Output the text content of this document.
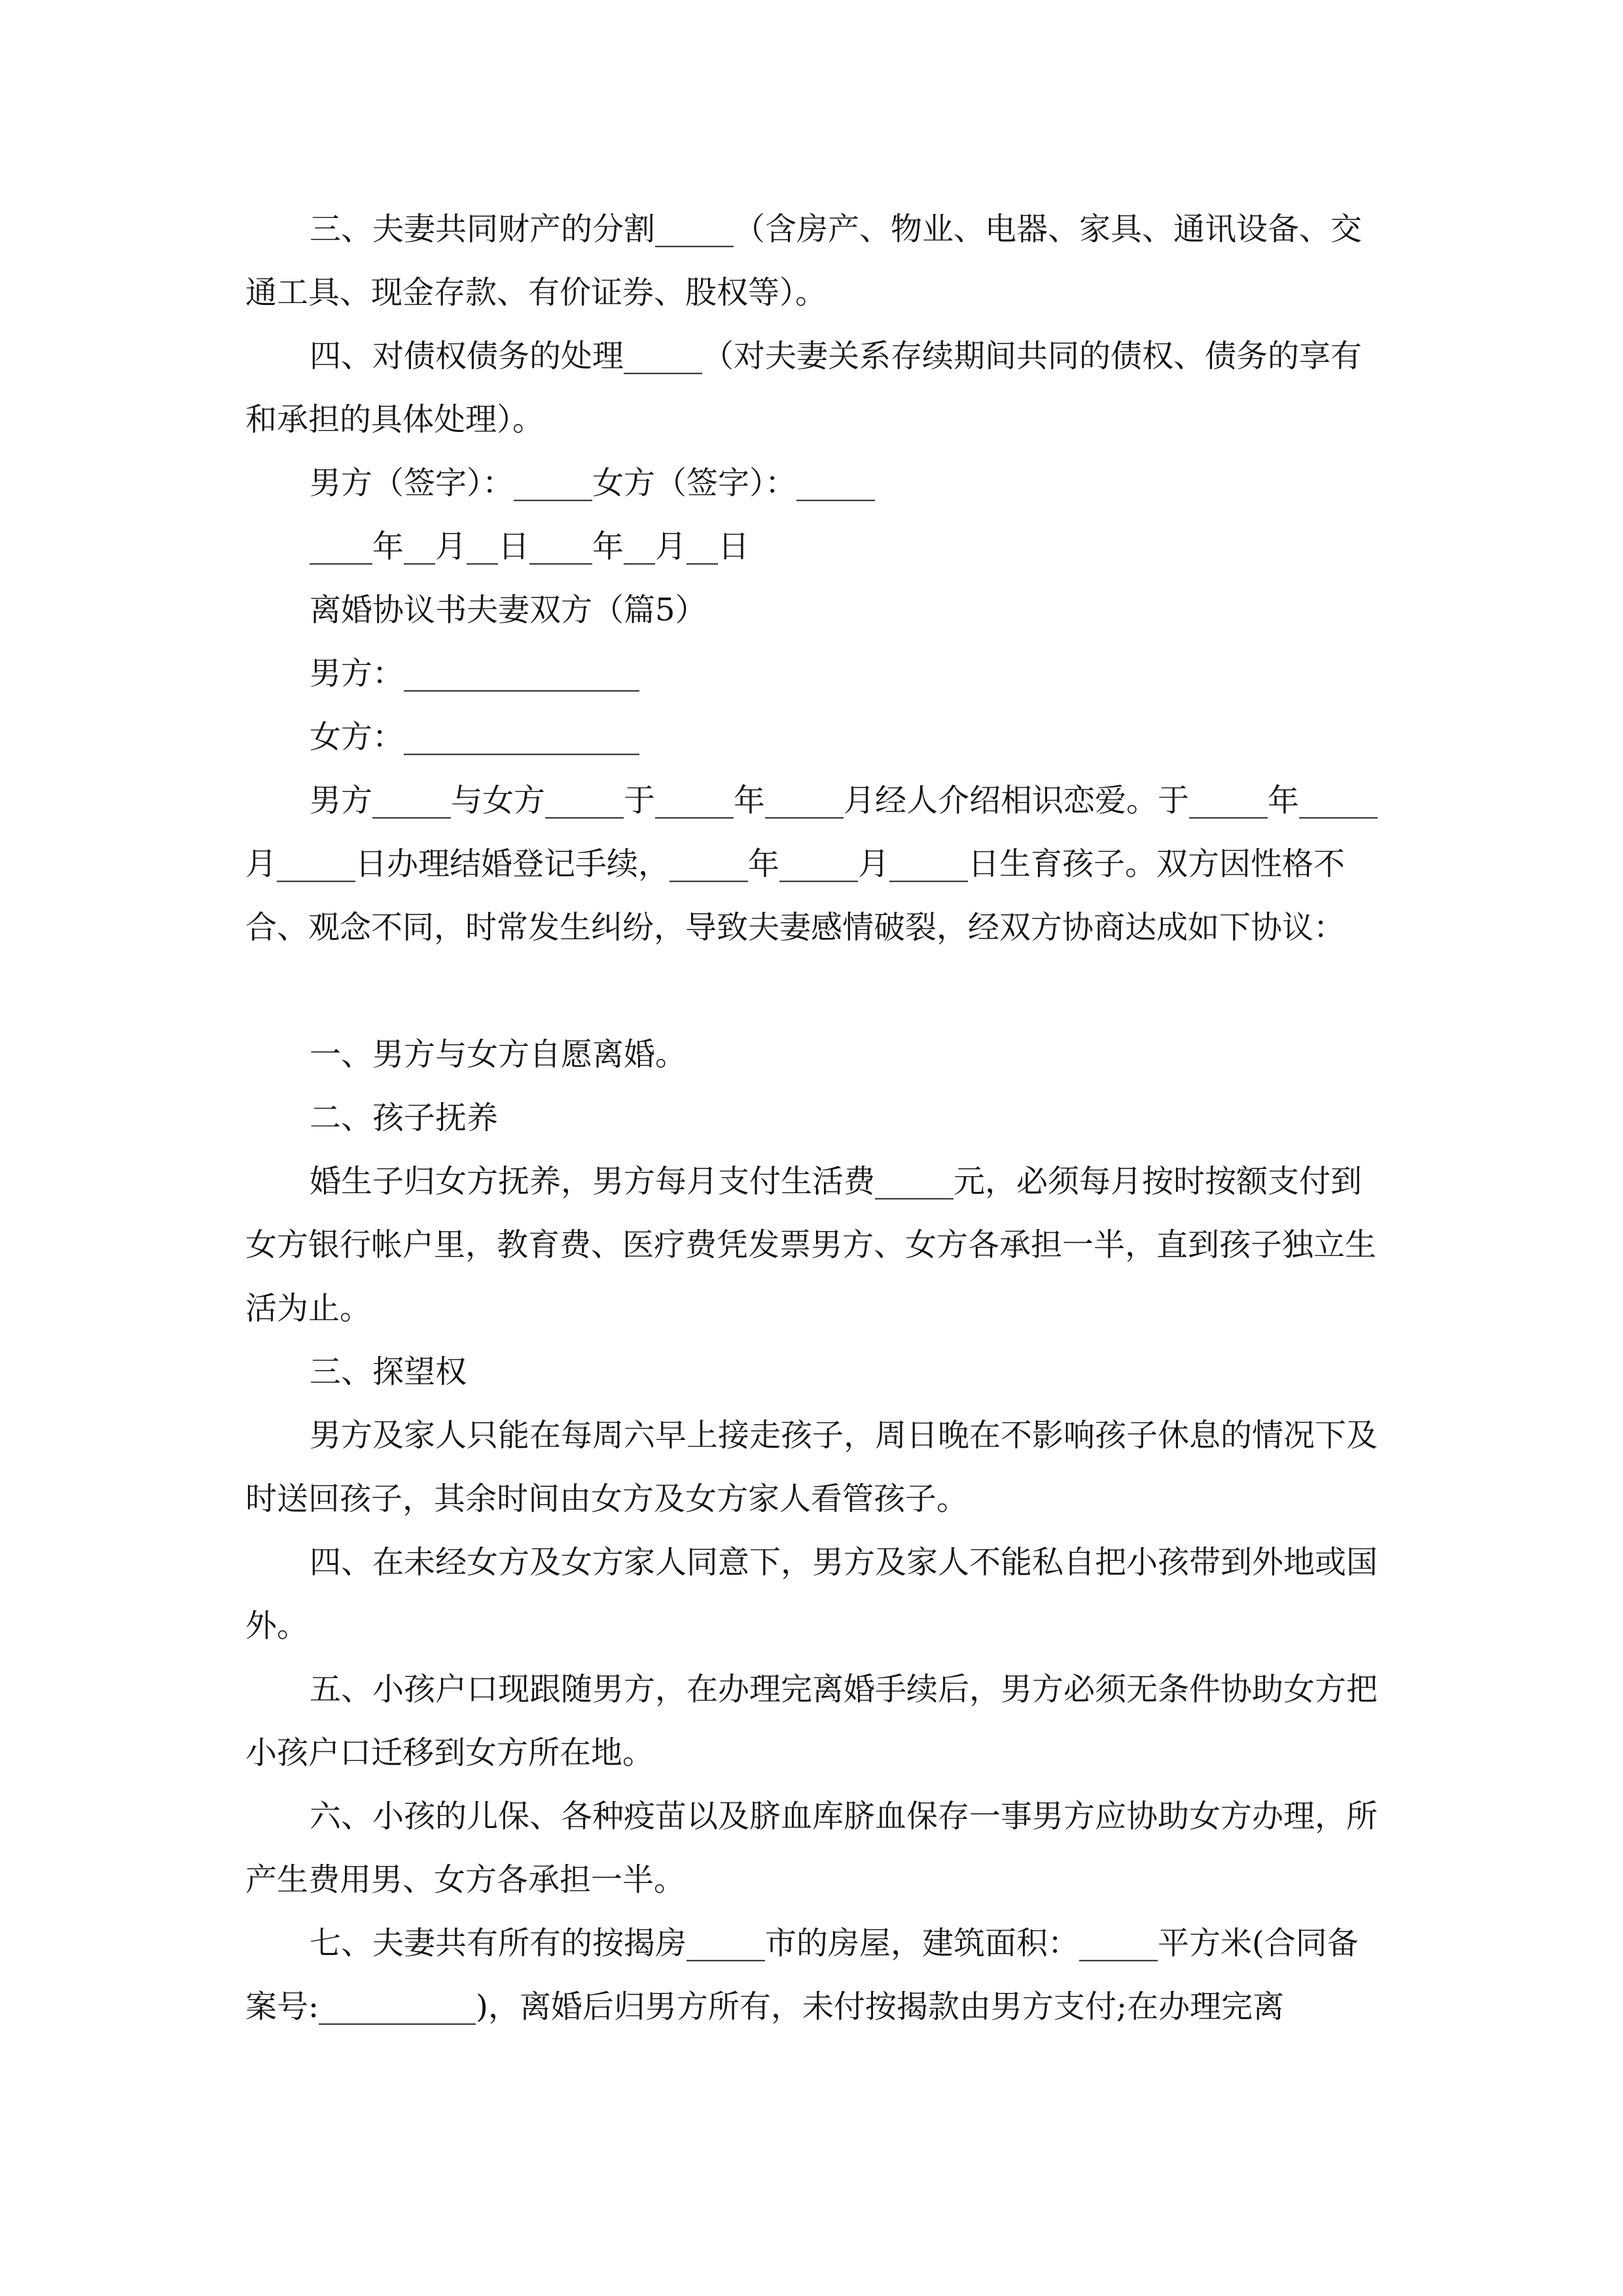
三、夫妻共同财产的分割_____（含房产、物业、电器、家具、通讯设备、交通工具、现金存款、有价证券、股权等）。

四、对债权债务的处理_____（对夫妻关系存续期间共同的债权、债务的享有和承担的具体处理）。

男方（签字）：_____女方（签字）：_____

____年__月__日____年__月__日

离婚协议书夫妻双方（篇5）

男方：_______________

女方：_______________

男方_____与女方_____于_____年_____月经人介绍相识恋爱。于_____年_____月_____日办理结婚登记手续，_____年_____月_____日生育孩子。双方因性格不合、观念不同，时常发生纠纷，导致夫妻感情破裂，经双方协商达成如下协议：

一、男方与女方自愿离婚。

二、孩子抚养

婚生子归女方抚养，男方每月支付生活费_____元，必须每月按时按额支付到女方银行帐户里，教育费、医疗费凭发票男方、女方各承担一半，直到孩子独立生活为止。

三、探望权

男方及家人只能在每周六早上接走孩子，周日晚在不影响孩子休息的情况下及时送回孩子，其余时间由女方及女方家人看管孩子。

四、在未经女方及女方家人同意下，男方及家人不能私自把小孩带到外地或国外。

五、小孩户口现跟随男方，在办理完离婚手续后，男方必须无条件协助女方把小孩户口迁移到女方所在地。

六、小孩的儿保、各种疫苗以及脐血库脐血保存一事男方应协助女方办理，所产生费用男、女方各承担一半。

七、夫妻共有所有的按揭房_____市的房屋，建筑面积：_____平方米(合同备案号:__________)，离婚后归男方所有，未付按揭款由男方支付;在办理完离
